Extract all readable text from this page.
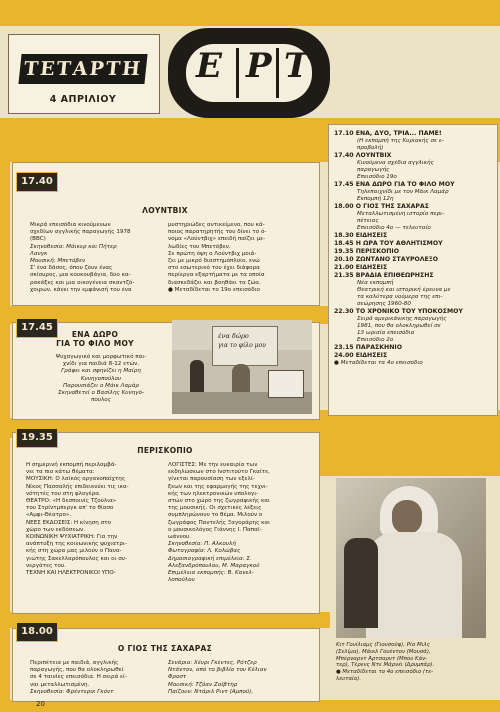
ΤΕΤΑΡΤΗ
4 ΑΠΡΙΛΙΟΥ
Ε Ρ Τ
17.10 ΕΝΑ, ΔΥΟ, ΤΡΙΑ... ΠΑΜΕ!
(Η εκπομπή της Κυριακής σε ε-
προβολή)
17.40 ΛΟΥΝΤΒΙΧ
Κινούμενα σχέδια αγγλικής
παραγωγής
Επεισόδιο 19ο
17.45 ΕΝΑ ΔΩΡΟ ΓΙΑ ΤΟ ΦΙΛΟ ΜΟΥ
Τηλεπαιχνίδι με τον Μάικ Λαμάρ
Εκπομπή 12η
18.00 Ο ΓΙΟΣ ΤΗΣ ΣΑΧΑΡΑΣ
Μεταλλωτισμένη ιστορία περι-
πέτειας
Επεισόδιο 4ο — τελευταίο
18.30 ΕΙΔΗΣΕΙΣ
18.45 Η ΩΡΑ ΤΟΥ ΑΘΛΗΤΙΣΜΟΥ
19.35 ΠΕΡΙΣΚΟΠΙΟ
20.10 ΖΩΝΤΑΝΟ ΣΤΑΥΡΟΛΕΞΟ
21.00 ΕΙΔΗΣΕΙΣ
21.35 ΒΡΑΔΙΑ ΕΠΙΘΕΩΡΗΣΗΣ
Νέα εκπομπή
Θεατρική και ιστορική έρευνα με
τα καλύτερα νούμερα της επι-
σεώρησης 1960-80
22.30 ΤΟ ΧΡΟΝΙΚΟ ΤΟΥ ΥΠΟΚΟΣΜΟΥ
Σειρά αμερικάνικης παραγωγής
1981, που θα ολοκληρωθεί σε
13 ωριαία επεισόδια
Επεισόδιο 2ο
23.15 ΠΑΡΑΣΚΗΝΙΟ
24.00 ΕΙΔΗΣΕΙΣ
● Μεταδίδεται τα 4ο επεισόδιο
17.40
ΛΟΥΝΤΒΙΧ
Μικρά επεισόδια κινούμενων
σχεδίων αγγλικής παραγωγής 1978
(BBC)
Σκηνοθεσία: Μάικερ και Πήτερ
Λανγκ
Μουσική: Μπετόβεν
Σ' ένα δάσος, όπου ζουν ένας
σκίουρος, μια κουκουβάγια, δύο κα-
ρακάξες και μια οικογένεια σκαντζό-
χοιρων, κάνει την εμφάνισή του ένα
μυστηριώδες αντικείμενο, που κά-
ποιος παρατηρητής του δίνει το ό-
νομα «Λούντβιχ» επειδή παίζει με-
λωδίες του Μπετόβεν.
Σε πρώτη όψη ο Λούντβιχ μοιά-
ζει με μικρό διαστημόπλοιο, ενώ
στο εσωτερικό του έχει διάφορα
περίεργα εξαρτήματα με τα οποία
διασκεδάζει και βοηθάει τα ζώα.
● Μεταδίδεται το 19ο επεισόδιο
17.45
ΕΝΑ ΔΩΡΟ
ΓΙΑ ΤΟ ΦΙΛΟ ΜΟΥ
Ψυχαγωγικό και μορφωτικό παι-
χνίδι για παιδιά 8-12 ετών.
Γράφει και σφηνίζει η Μαίρη
Κυνηγοπούλου
Παρουσιάζει ο Μάικ Λαμάρ
Σκηνοθετεί ο Βασίλης Κυνηγό-
πουλος
ένα δώρο
για το φίλο μου
19.35
ΠΕΡΙΣΚΟΠΙΟ
Η σημερινή εκπομπή περιλαμβά-
νει τα πιο κάτω θέματα:
ΜΟΥΣΙΚΗ: Ο λαϊκός οργανοπαίχτης
Νίκος Πασσαλής επιδεικνύει τις ικα-
νότητές του στη φλογέρα.
ΘΕΑΤΡΟ: «Η δεσποινίς Τζούλια»
του Στρίντμπεργκ απ' το θίασο
«Αμφι-Θέατρο».
ΝΕΕΣ ΕΚΔΟΣΕΙΣ: Η κίνηση στο
χώρο των εκδόσεων.
ΚΟΙΝΩΝΙΚΗ ΨΥΧΙΑΤΡΙΚΗ: Για την
ανάπτυξη της κοινωνικής ψυχιατρι-
κής στη χώρα μας μιλούν ο Πανα-
γιώτης Σακελλαρόπουλος και οι συ-
νεργάτες του.
ΤΕΧΝΗ ΚΑΙ ΗΛΕΚΤΡΟΝΙΚΟΙ ΥΠΟ-
ΛΟΓΙΣΤΕΣ: Με την ευκαιρία των
εκδηλώσεων στο Ινστιτούτο Γκαίτε,
γίνεται παρουσίαση των εξελί-
ξεων και της εφαρμογής της τεχνι-
κής των ηλεκτρονικών υπολογι-
στών στο χώρο της ζωγραφικής και
της μουσικής. Οι σχετικές λέξεις
συμπληρώνουν το θέμα. Μιλούν ο
ζωγράφος Παντελής Ξαγοράρης και
ο μουσικολόγος Γιάννης Ι. Παπαϊ-
ωάννου.
Σκηνοθεσία: Π. Αλκουλή
Φωτογραφία: Λ. Κολώβας
Δημοσιογραφική επιμέλεια: Σ.
Αλεξανδρόπουλου, Μ. Μαραγκού
Επιμέλεια εκπομπής: Β. Κανελ-
λοπούλου
18.00
Ο ΓΙΟΣ ΤΗΣ ΣΑΧΑΡΑΣ
Περιπέτεια με παιδιά, αγγλικής
παραγωγής, που θα ολοκληρωθεί
σε 4 ταινίες επεισόδια. Η σειρά εί-
ναι μεταλλωτισμένη.
Σκηνοθεσία: Φρέντερικ Γκόντ
Σενάριο: Χένρι Γκέντες, Ρότζερ
Ντάντον, από το βιβλίο του Κέλιαν
Φροστ
Μουσική: Τζόαν Ζαϊβτηρ
Παίζουν: Ντάριλ Ριντ (Αμπού),
Κιτ Γουίλιαμς (Γιουσούφ), Ρία Μιλς
(Σελίμα), Μάικλ Γουέντον (Μουσά),
Μπέρναρντ Άρτσαρντ (Μπου Κάν-
τερ), Τέρενς Ντε Μάρνέι (Δρυμπάρ).
● Μεταδίδεται το 4ο επεισόδιο (τε-
λευταίο).
20
